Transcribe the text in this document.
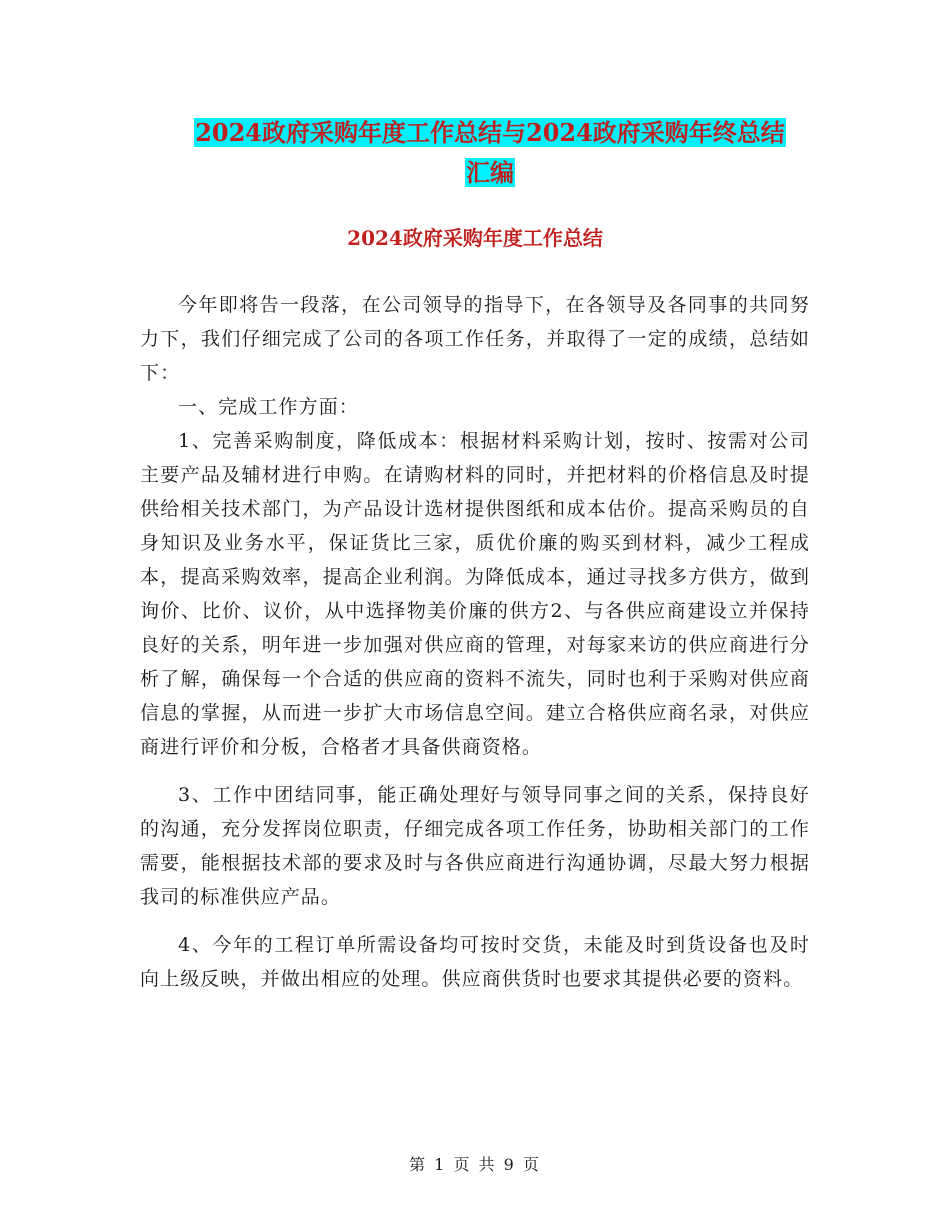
2024政府采购年度工作总结与2024政府采购年终总结
汇编
2024政府采购年度工作总结

今年即将告一段落，在公司领导的指导下，在各领导及各同事的共同努力下，我们仔细完成了公司的各项工作任务，并取得了一定的成绩，总结如下：

一、完成工作方面：

1、完善采购制度，降低成本：根据材料采购计划，按时、按需对公司主要产品及辅材进行申购。在请购材料的同时，并把材料的价格信息及时提供给相关技术部门，为产品设计选材提供图纸和成本估价。提高采购员的自身知识及业务水平，保证货比三家，质优价廉的购买到材料，减少工程成本，提高采购效率，提高企业利润。为降低成本，通过寻找多方供方，做到询价、比价、议价，从中选择物美价廉的供方2、与各供应商建设立并保持良好的关系，明年进一步加强对供应商的管理，对每家来访的供应商进行分析了解，确保每一个合适的供应商的资料不流失，同时也利于采购对供应商信息的掌握，从而进一步扩大市场信息空间。建立合格供应商名录，对供应商进行评价和分板，合格者才具备供商资格。

3、工作中团结同事，能正确处理好与领导同事之间的关系，保持良好的沟通，充分发挥岗位职责，仔细完成各项工作任务，协助相关部门的工作需要，能根据技术部的要求及时与各供应商进行沟通协调，尽最大努力根据我司的标准供应产品。

4、今年的工程订单所需设备均可按时交货，未能及时到货设备也及时向上级反映，并做出相应的处理。供应商供货时也要求其提供必要的资料。

第 1 页 共 9 页
